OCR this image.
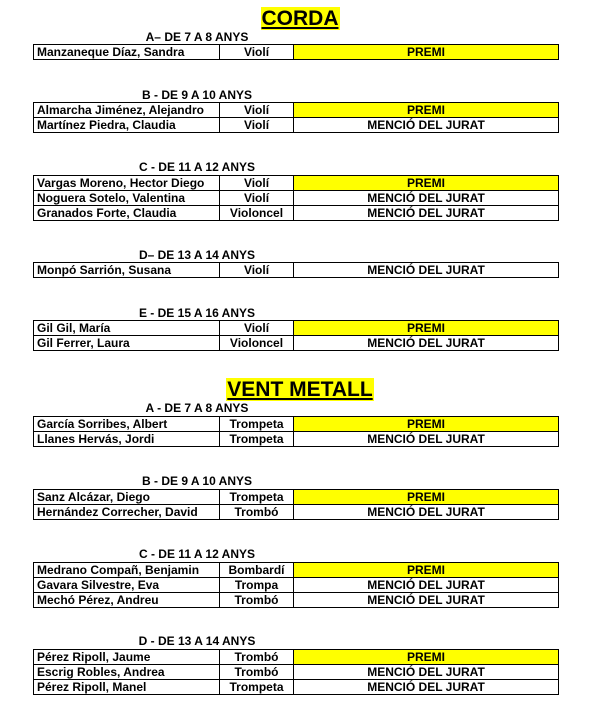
CORDA
A– DE 7 A 8 ANYS
Manzaneque Díaz, Sandra	Violí	PREMI
B - DE 9 A 10 ANYS
Almarcha Jiménez, Alejandro	Violí	PREMI
Martínez Piedra, Claudia	Violí	MENCIÓ DEL JURAT
C - DE 11 A 12 ANYS
Vargas Moreno, Hector Diego	Violí	PREMI
Noguera Sotelo, Valentina	Violí	MENCIÓ DEL JURAT
Granados Forte, Claudia	Violoncel	MENCIÓ DEL JURAT
D– DE 13 A 14 ANYS
Monpó Sarrión, Susana	Violí	MENCIÓ DEL JURAT
E - DE 15 A 16 ANYS
Gil Gil, María	Violí	PREMI
Gil Ferrer, Laura	Violoncel	MENCIÓ DEL JURAT
VENT METALL
A - DE 7 A 8 ANYS
García Sorribes, Albert	Trompeta	PREMI
Llanes Hervás, Jordi	Trompeta	MENCIÓ DEL JURAT
B - DE 9 A 10 ANYS
Sanz Alcázar, Diego	Trompeta	PREMI
Hernández Correcher, David	Trombó	MENCIÓ DEL JURAT
C - DE 11 A 12 ANYS
Medrano Compañ, Benjamin	Bombardí	PREMI
Gavara Silvestre, Eva	Trompa	MENCIÓ DEL JURAT
Mechó Pérez, Andreu	Trombó	MENCIÓ DEL JURAT
D - DE 13 A 14 ANYS
Pérez Ripoll, Jaume	Trombó	PREMI
Escrig Robles, Andrea	Trombó	MENCIÓ DEL JURAT
Pérez Ripoll, Manel	Trompeta	MENCIÓ DEL JURAT
